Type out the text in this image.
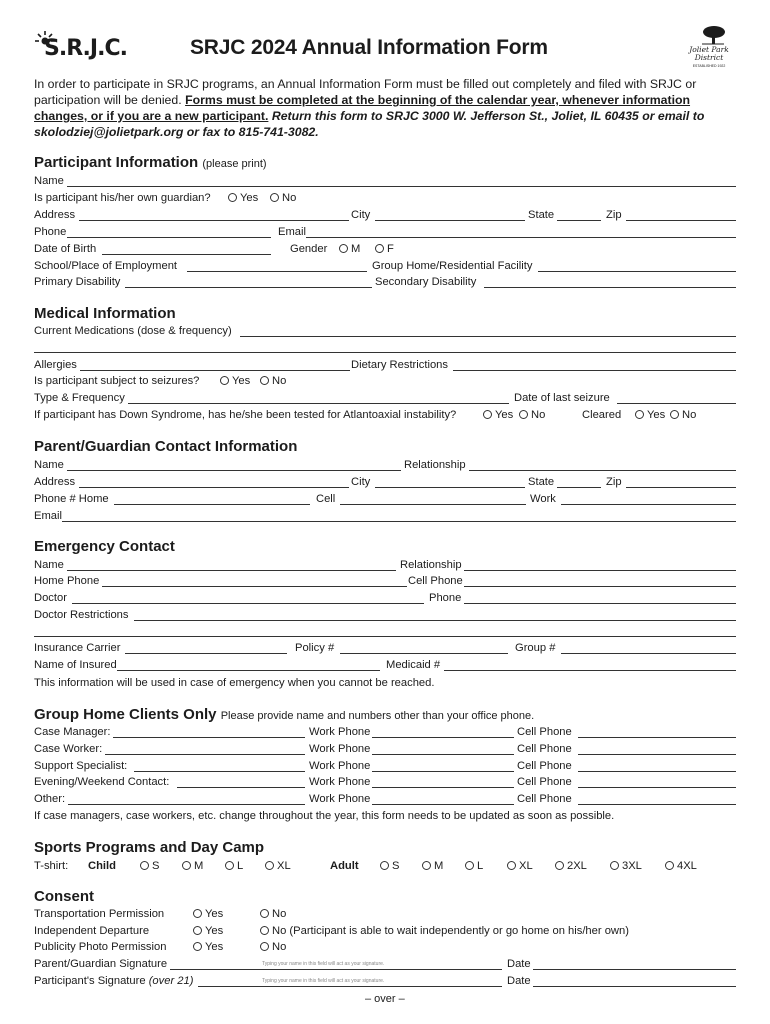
S.R.J.C.	SRJC 2024 Annual Information Form	Joliet Park District
ESTABLISHED 1922
In order to participate in SRJC programs, an Annual Information Form must be filled out completely and filed with SRJC or participation will be denied. Forms must be completed at the beginning of the calendar year, whenever information changes, or if you are a new participant. Return this form to SRJC 3000 W. Jefferson St., Joliet, IL 60435 or email to skolodziej@jolietpark.org or fax to 815-741-3082.
Participant Information (please print)
Name
Is participant his/her own guardian?	Yes	No
Address	City	State	Zip
Phone	Email
Date of Birth	Gender	M	F
School/Place of Employment	Group Home/Residential Facility
Primary Disability	Secondary Disability
Medical Information
Current Medications (dose & frequency)
Allergies	Dietary Restrictions
Is participant subject to seizures?	Yes	No
Type & Frequency	Date of last seizure
If participant has Down Syndrome, has he/she been tested for Atlantoaxial instability?	Yes	No	Cleared	Yes	No
Parent/Guardian Contact Information
Name	Relationship
Address	City	State	Zip
Phone # Home	Cell	Work
Email
Emergency Contact
Name	Relationship
Home Phone	Cell Phone
Doctor	Phone
Doctor Restrictions
Insurance Carrier	Policy #	Group #
Name of Insured	Medicaid #
This information will be used in case of emergency when you cannot be reached.
Group Home Clients Only Please provide name and numbers other than your office phone.
Case Manager:	Work Phone	Cell Phone
Case Worker:	Work Phone	Cell Phone
Support Specialist:	Work Phone	Cell Phone
Evening/Weekend Contact:	Work Phone	Cell Phone
Other:	Work Phone	Cell Phone
If case managers, case workers, etc. change throughout the year, this form needs to be updated as soon as possible.
Sports Programs and Day Camp
T-shirt: Child	S	M	L	XL	Adult	S	M	L	XL	2XL	3XL	4XL
Consent
Transportation Permission	Yes	No
Independent Departure	Yes	No (Participant is able to wait independently or go home on his/her own)
Publicity Photo Permission	Yes	No
Parent/Guardian Signature	Typing your name in this field will act as your signature.	Date
Participant's Signature (over 21)	Typing your name in this field will act as your signature.	Date
– over –
